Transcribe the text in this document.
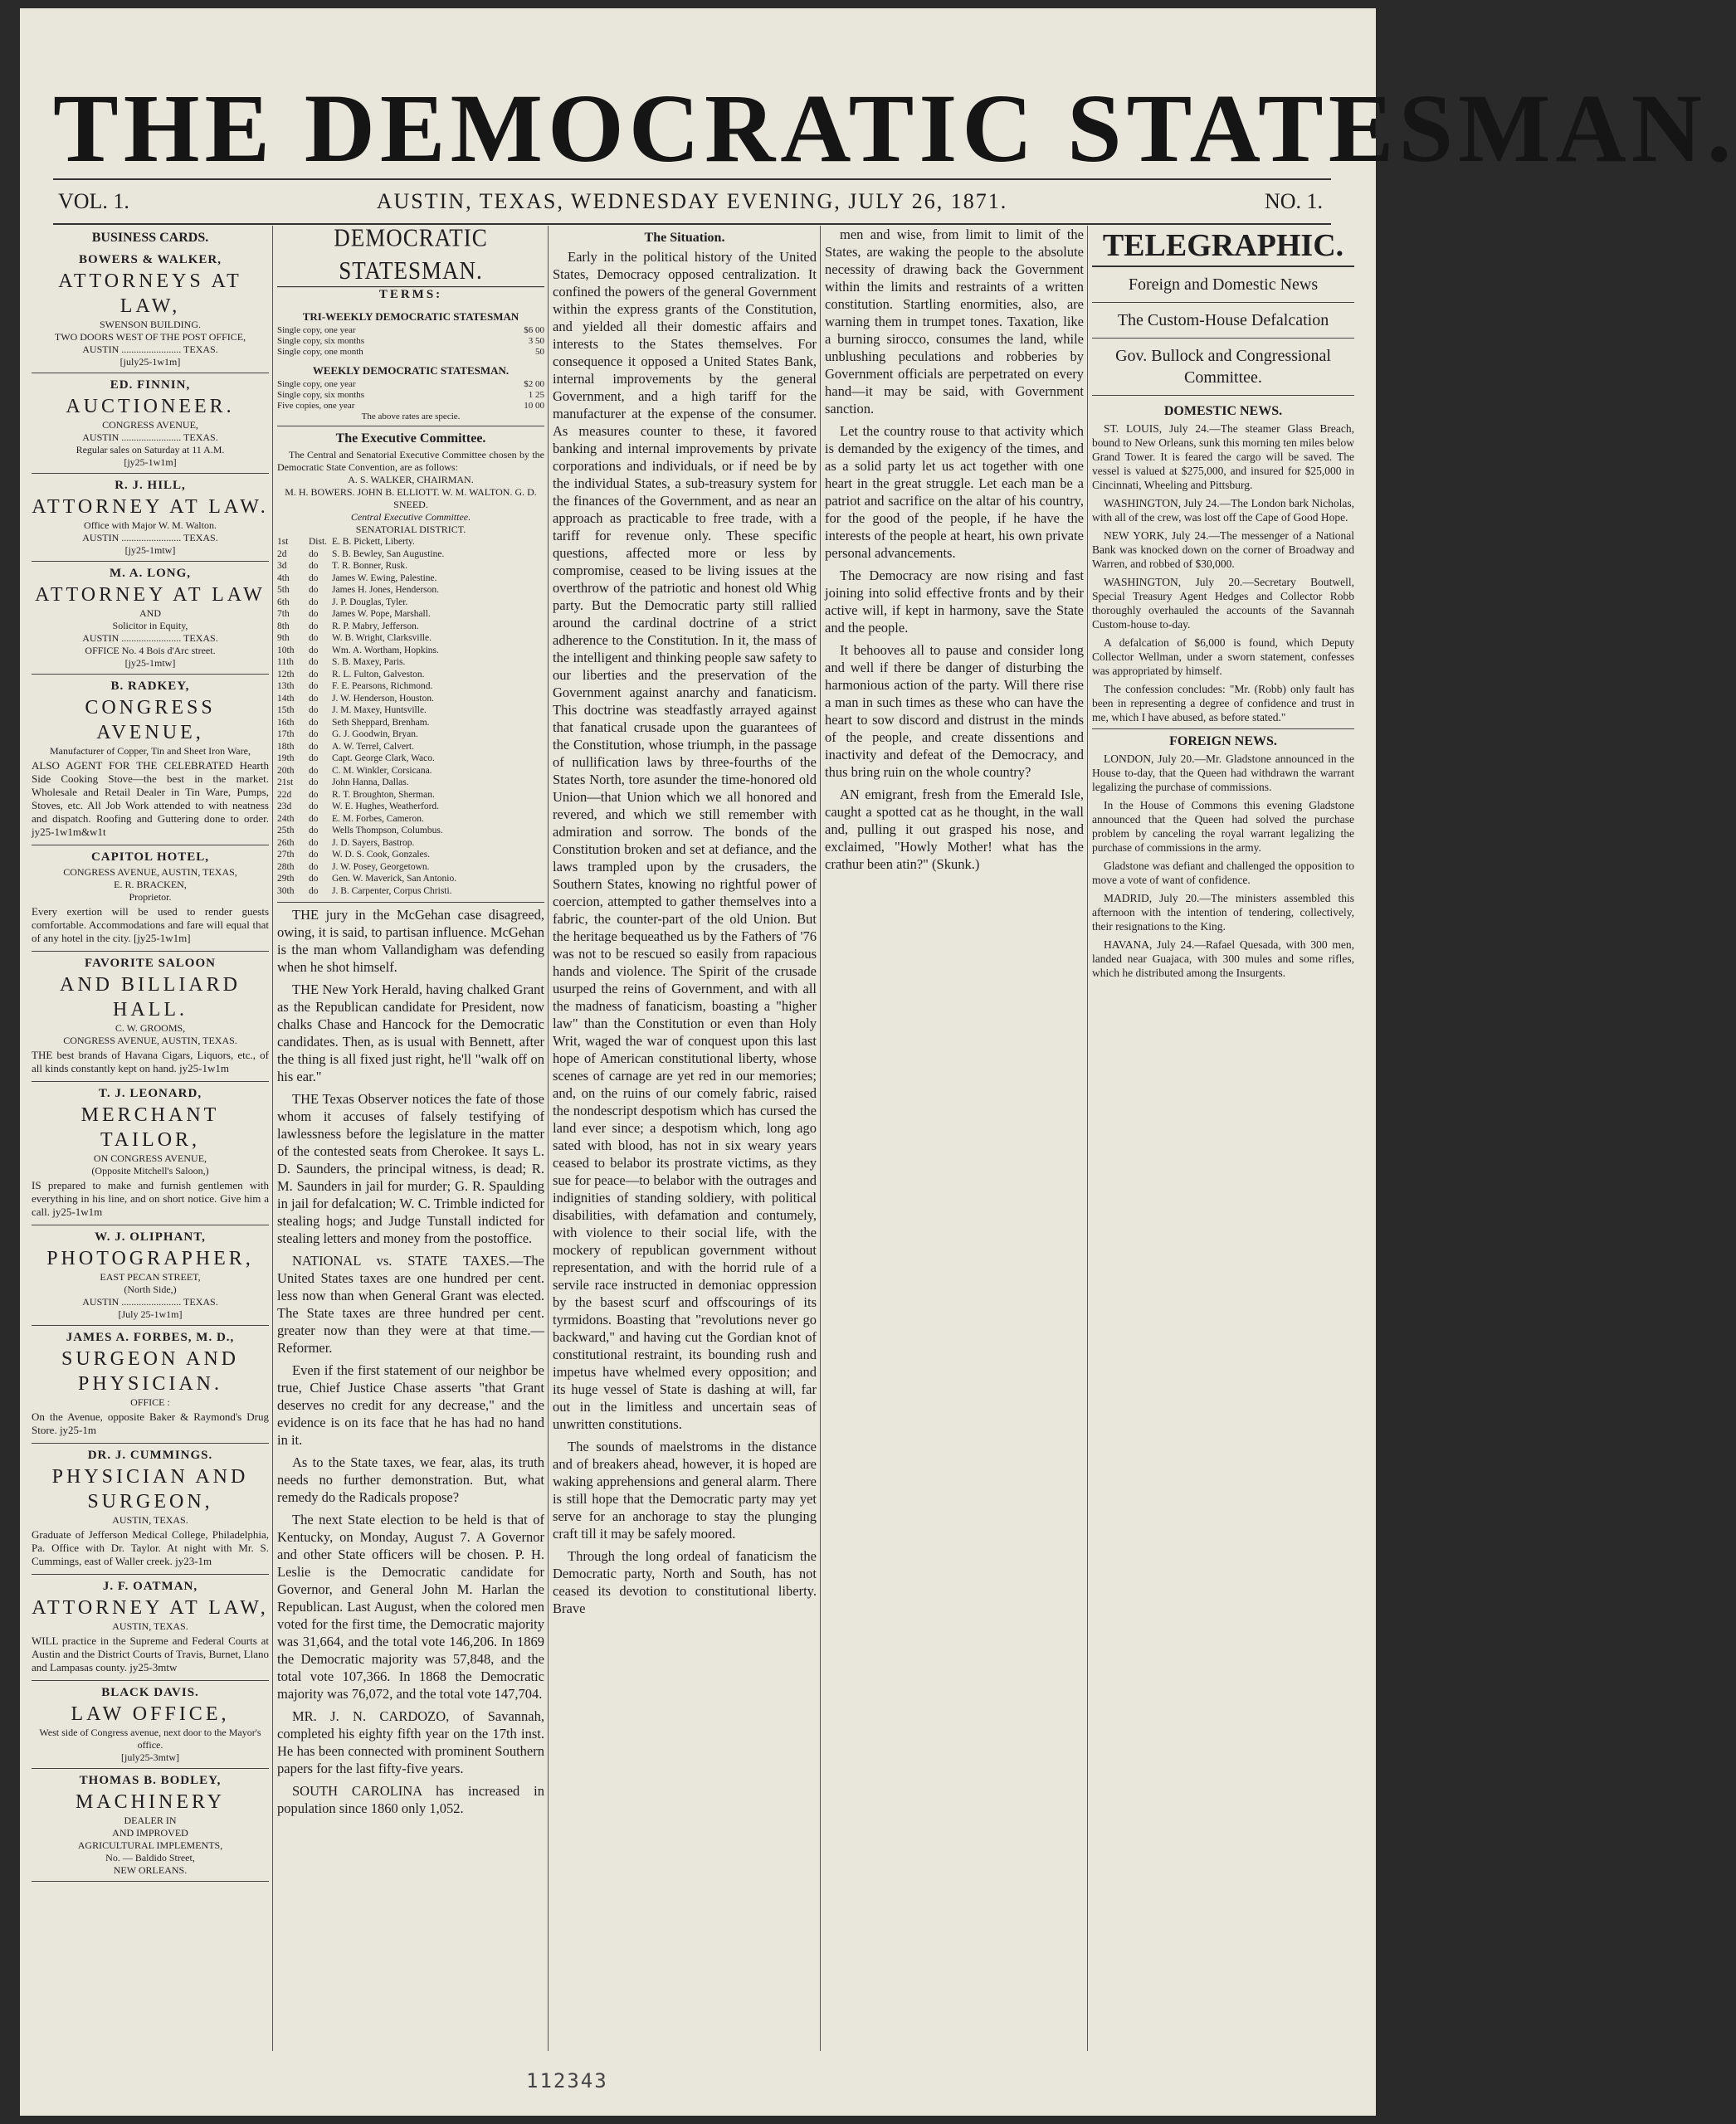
THE DEMOCRATIC STATESMAN.
VOL. 1.	AUSTIN, TEXAS, WEDNESDAY EVENING, JULY 26, 1871.	NO. 1.
BUSINESS CARDS.
BOWERS & WALKER,
ATTORNEYS AT LAW,
SWENSON BUILDING.
TWO DOORS WEST OF THE POST OFFICE,
AUSTIN ........................ TEXAS.
[july25-1w1m]
ED. FINNIN,
AUCTIONEER.
CONGRESS AVENUE,
AUSTIN ........................ TEXAS.
Regular sales on Saturday at 11 A.M.
[jy25-1w1m]
R. J. HILL,
ATTORNEY AT LAW.
Office with Major W. M. Walton.
AUSTIN ........................ TEXAS.
[jy25-1mtw]
M. A. LONG,
ATTORNEY AT LAW
AND
Solicitor in Equity,
AUSTIN ........................ TEXAS.
OFFICE No. 4 Bois d'Arc street.
[jy25-1mtw]
B. RADKEY,
CONGRESS AVENUE,
Manufacturer of Copper, Tin and Sheet Iron Ware,

ALSO AGENT FOR THE CELEBRATED Hearth Side Cooking Stove—the best in the market. Wholesale and Retail Dealer in Tin Ware, Pumps, Stoves, etc. All Job Work attended to with neatness and dispatch. Roofing and Guttering done to order. jy25-1w1m&w1t

CAPITOL HOTEL,
CONGRESS AVENUE, AUSTIN, TEXAS,
E. R. BRACKEN,
Proprietor.

Every exertion will be used to render guests comfortable. Accommodations and fare will equal that of any hotel in the city. [jy25-1w1m]

FAVORITE SALOON
AND BILLIARD HALL.
C. W. GROOMS,
CONGRESS AVENUE, AUSTIN, TEXAS.

THE best brands of Havana Cigars, Liquors, etc., of all kinds constantly kept on hand. jy25-1w1m

T. J. LEONARD,
MERCHANT TAILOR,
ON CONGRESS AVENUE,
(Opposite Mitchell's Saloon,)

IS prepared to make and furnish gentlemen with everything in his line, and on short notice. Give him a call. jy25-1w1m

W. J. OLIPHANT,
PHOTOGRAPHER,
EAST PECAN STREET,
(North Side,)
AUSTIN ........................ TEXAS.
[July 25-1w1m]
JAMES A. FORBES, M. D.,
SURGEON AND PHYSICIAN.
OFFICE :

On the Avenue, opposite Baker & Raymond's Drug Store. jy25-1m

DR. J. CUMMINGS.
PHYSICIAN AND SURGEON,
AUSTIN, TEXAS.

Graduate of Jefferson Medical College, Philadelphia, Pa. Office with Dr. Taylor. At night with Mr. S. Cummings, east of Waller creek. jy23-1m

J. F. OATMAN,
ATTORNEY AT LAW,
AUSTIN, TEXAS.

WILL practice in the Supreme and Federal Courts at Austin and the District Courts of Travis, Burnet, Llano and Lampasas county. jy25-3mtw

BLACK DAVIS.
LAW OFFICE,
West side of Congress avenue, next door to the Mayor's office.
[july25-3mtw]
THOMAS B. BODLEY,
MACHINERY
DEALER IN
AND IMPROVED
AGRICULTURAL IMPLEMENTS,
No. — Baldido Street,
NEW ORLEANS.
DEMOCRATIC STATESMAN.
TERMS:
TRI-WEEKLY DEMOCRATIC STATESMAN
Single copy, one year	$6 00
Single copy, six months	3 50
Single copy, one month	50
WEEKLY DEMOCRATIC STATESMAN.
Single copy, one year	$2 00
Single copy, six months	1 25
Five copies, one year	10 00
The above rates are specie.
The Executive Committee.
The Central and Senatorial Executive Committee chosen by the Democratic State Convention, are as follows:
A. S. WALKER, CHAIRMAN.
M. H. BOWERS. JOHN B. ELLIOTT. W. M. WALTON. G. D. SNEED.
Central Executive Committee.
SENATORIAL DISTRICT.
1st	Dist. E. B. Pickett, Liberty.
2d	do	S. B. Bewley, San Augustine.
3d	do	T. R. Bonner, Rusk.
4th	do	James W. Ewing, Palestine.
5th	do	James H. Jones, Henderson.
6th	do	J. P. Douglas, Tyler.
7th	do	James W. Pope, Marshall.
8th	do	R. P. Mabry, Jefferson.
9th	do	W. B. Wright, Clarksville.
10th	do	Wm. A. Wortham, Hopkins.
11th	do	S. B. Maxey, Paris.
12th	do	R. L. Fulton, Galveston.
13th	do	F. E. Pearsons, Richmond.
14th	do	J. W. Henderson, Houston.
15th	do	J. M. Maxey, Huntsville.
16th	do	Seth Sheppard, Brenham.
17th	do	G. J. Goodwin, Bryan.
18th	do	A. W. Terrel, Calvert.
19th	do	Capt. George Clark, Waco.
20th	do	C. M. Winkler, Corsicana.
21st	do	John Hanna, Dallas.
22d	do	R. T. Broughton, Sherman.
23d	do	W. E. Hughes, Weatherford.
24th	do	E. M. Forbes, Cameron.
25th	do	Wells Thompson, Columbus.
26th	do	J. D. Sayers, Bastrop.
27th	do	W. D. S. Cook, Gonzales.
28th	do	J. W. Posey, Georgetown.
29th	do	Gen. W. Maverick, San Antonio.
30th	do	J. B. Carpenter, Corpus Christi.

THE jury in the McGehan case disagreed, owing, it is said, to partisan influence. McGehan is the man whom Vallandigham was defending when he shot himself.

THE New York Herald, having chalked Grant as the Republican candidate for President, now chalks Chase and Hancock for the Democratic candidates. Then, as is usual with Bennett, after the thing is all fixed just right, he'll "walk off on his ear."

THE Texas Observer notices the fate of those whom it accuses of falsely testifying of lawlessness before the legislature in the matter of the contested seats from Cherokee. It says L. D. Saunders, the principal witness, is dead; R. M. Saunders in jail for murder; G. R. Spaulding in jail for defalcation; W. C. Trimble indicted for stealing hogs; and Judge Tunstall indicted for stealing letters and money from the postoffice.

NATIONAL vs. STATE TAXES.—The United States taxes are one hundred per cent. less now than when General Grant was elected. The State taxes are three hundred per cent. greater now than they were at that time.—Reformer.

Even if the first statement of our neighbor be true, Chief Justice Chase asserts "that Grant deserves no credit for any decrease," and the evidence is on its face that he has had no hand in it.

As to the State taxes, we fear, alas, its truth needs no further demonstration. But, what remedy do the Radicals propose?

The next State election to be held is that of Kentucky, on Monday, August 7. A Governor and other State officers will be chosen. P. H. Leslie is the Democratic candidate for Governor, and General John M. Harlan the Republican. Last August, when the colored men voted for the first time, the Democratic majority was 31,664, and the total vote 146,206. In 1869 the Democratic majority was 57,848, and the total vote 107,366. In 1868 the Democratic majority was 76,072, and the total vote 147,704.

MR. J. N. CARDOZO, of Savannah, completed his eighty fifth year on the 17th inst. He has been connected with prominent Southern papers for the last fifty-five years.

SOUTH CAROLINA has increased in population since 1860 only 1,052.

The Situation.

Early in the political history of the United States, Democracy opposed centralization. It confined the powers of the general Government within the express grants of the Constitution, and yielded all their domestic affairs and interests to the States themselves. For consequence it opposed a United States Bank, internal improvements by the general Government, and a high tariff for the manufacturer at the expense of the consumer. As measures counter to these, it favored banking and internal improvements by private corporations and individuals, or if need be by the individual States, a sub-treasury system for the finances of the Government, and as near an approach as practicable to free trade, with a tariff for revenue only. These specific questions, affected more or less by compromise, ceased to be living issues at the overthrow of the patriotic and honest old Whig party. But the Democratic party still rallied around the cardinal doctrine of a strict adherence to the Constitution. In it, the mass of the intelligent and thinking people saw safety to our liberties and the preservation of the Government against anarchy and fanaticism. This doctrine was steadfastly arrayed against that fanatical crusade upon the guarantees of the Constitution, whose triumph, in the passage of nullification laws by three-fourths of the States North, tore asunder the time-honored old Union—that Union which we all honored and revered, and which we still remember with admiration and sorrow. The bonds of the Constitution broken and set at defiance, and the laws trampled upon by the crusaders, the Southern States, knowing no rightful power of coercion, attempted to gather themselves into a fabric, the counter-part of the old Union. But the heritage bequeathed us by the Fathers of '76 was not to be rescued so easily from rapacious hands and violence. The Spirit of the crusade usurped the reins of Government, and with all the madness of fanaticism, boasting a "higher law" than the Constitution or even than Holy Writ, waged the war of conquest upon this last hope of American constitutional liberty, whose scenes of carnage are yet red in our memories; and, on the ruins of our comely fabric, raised the nondescript despotism which has cursed the land ever since; a despotism which, long ago sated with blood, has not in six weary years ceased to belabor its prostrate victims, as they sue for peace—to belabor with the outrages and indignities of standing soldiery, with political disabilities, with defamation and contumely, with violence to their social life, with the mockery of republican government without representation, and with the horrid rule of a servile race instructed in demoniac oppression by the basest scurf and offscourings of its tyrmidons. Boasting that "revolutions never go backward," and having cut the Gordian knot of constitutional restraint, its bounding rush and impetus have whelmed every opposition; and its huge vessel of State is dashing at will, far out in the limitless and uncertain seas of unwritten constitutions.

The sounds of maelstroms in the distance and of breakers ahead, however, it is hoped are waking apprehensions and general alarm. There is still hope that the Democratic party may yet serve for an anchorage to stay the plunging craft till it may be safely moored.

Through the long ordeal of fanaticism the Democratic party, North and South, has not ceased its devotion to constitutional liberty. Brave

men and wise, from limit to limit of the States, are waking the people to the absolute necessity of drawing back the Government within the limits and restraints of a written constitution. Startling enormities, also, are warning them in trumpet tones. Taxation, like a burning sirocco, consumes the land, while unblushing peculations and robberies by Government officials are perpetrated on every hand—it may be said, with Government sanction.

Let the country rouse to that activity which is demanded by the exigency of the times, and as a solid party let us act together with one heart in the great struggle. Let each man be a patriot and sacrifice on the altar of his country, for the good of the people, if he have the interests of the people at heart, his own private personal advancements.

The Democracy are now rising and fast joining into solid effective fronts and by their active will, if kept in harmony, save the State and the people.

It behooves all to pause and consider long and well if there be danger of disturbing the harmonious action of the party. Will there rise a man in such times as these who can have the heart to sow discord and distrust in the minds of the people, and create dissentions and inactivity and defeat of the Democracy, and thus bring ruin on the whole country?

AN emigrant, fresh from the Emerald Isle, caught a spotted cat as he thought, in the wall and, pulling it out grasped his nose, and exclaimed, "Howly Mother! what has the crathur been atin?" (Skunk.)

TELEGRAPHIC.
Foreign and Domestic News
The Custom-House Defalcation
Gov. Bullock and Congressional Committee.
DOMESTIC NEWS.

ST. LOUIS, July 24.—The steamer Glass Breach, bound to New Orleans, sunk this morning ten miles below Grand Tower. It is feared the cargo will be saved. The vessel is valued at $275,000, and insured for $25,000 in Cincinnati, Wheeling and Pittsburg.

WASHINGTON, July 24.—The London bark Nicholas, with all of the crew, was lost off the Cape of Good Hope.

NEW YORK, July 24.—The messenger of a National Bank was knocked down on the corner of Broadway and Warren, and robbed of $30,000.

WASHINGTON, July 20.—Secretary Boutwell, Special Treasury Agent Hedges and Collector Robb thoroughly overhauled the accounts of the Savannah Custom-house to-day.

A defalcation of $6,000 is found, which Deputy Collector Wellman, under a sworn statement, confesses was appropriated by himself.

The confession concludes: "Mr. (Robb) only fault has been in representing a degree of confidence and trust in me, which I have abused, as before stated."

FOREIGN NEWS.

LONDON, July 20.—Mr. Gladstone announced in the House to-day, that the Queen had withdrawn the warrant legalizing the purchase of commissions.

In the House of Commons this evening Gladstone announced that the Queen had solved the purchase problem by canceling the royal warrant legalizing the purchase of commissions in the army.

Gladstone was defiant and challenged the opposition to move a vote of want of confidence.

MADRID, July 20.—The ministers assembled this afternoon with the intention of tendering, collectively, their resignations to the King.

HAVANA, July 24.—Rafael Quesada, with 300 men, landed near Guajaca, with 300 mules and some rifles, which he distributed among the Insurgents.

112343
